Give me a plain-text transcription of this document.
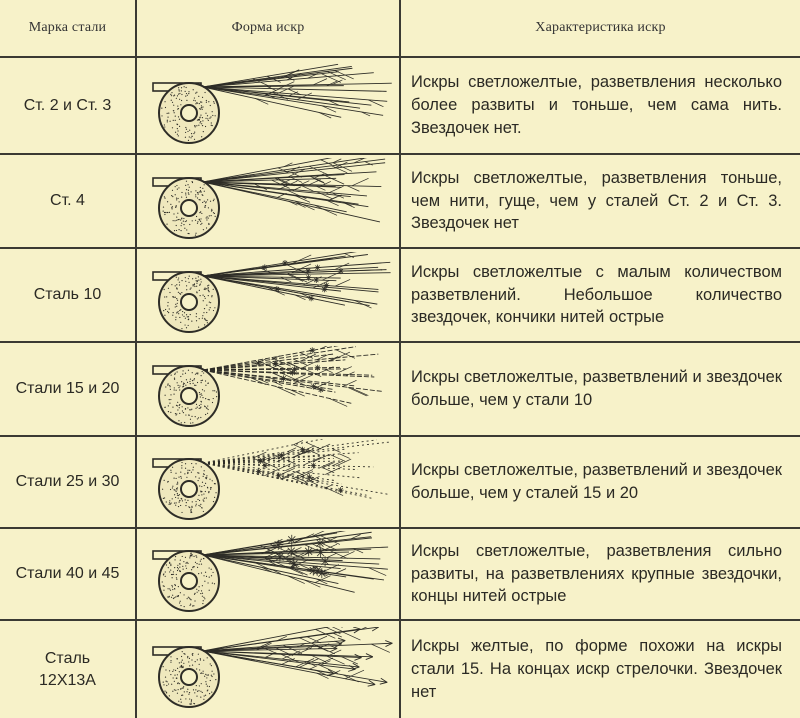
Марка стали	Форма искр	Характеристика искр
Ст. 2 и Ст. 3
Искры светложелтые, разветвления несколько более развиты и тоньше, чем сама нить. Звездочек нет.
Ст. 4
Искры светложелтые, разветвления тоньше, чем нити, гуще, чем у сталей Ст. 2 и Ст. 3. Звездочек нет
Сталь 10
Искры светложелтые с малым количеством разветвлений. Небольшое количество звездочек, кончики нитей острые
Стали 15 и 20
Искры светложелтые, разветвлений и звездочек больше, чем у стали 10
Стали 25 и 30
Искры светложелтые, разветвлений и звездочек больше, чем у сталей 15 и 20
Стали 40 и 45
Искры светложелтые, разветвления сильно развиты, на разветвлениях крупные звездочки, концы нитей острые
Сталь 12Х13А
Искры желтые, по форме похожи на искры стали 15. На концах искр стрелочки. Звездочек нет
